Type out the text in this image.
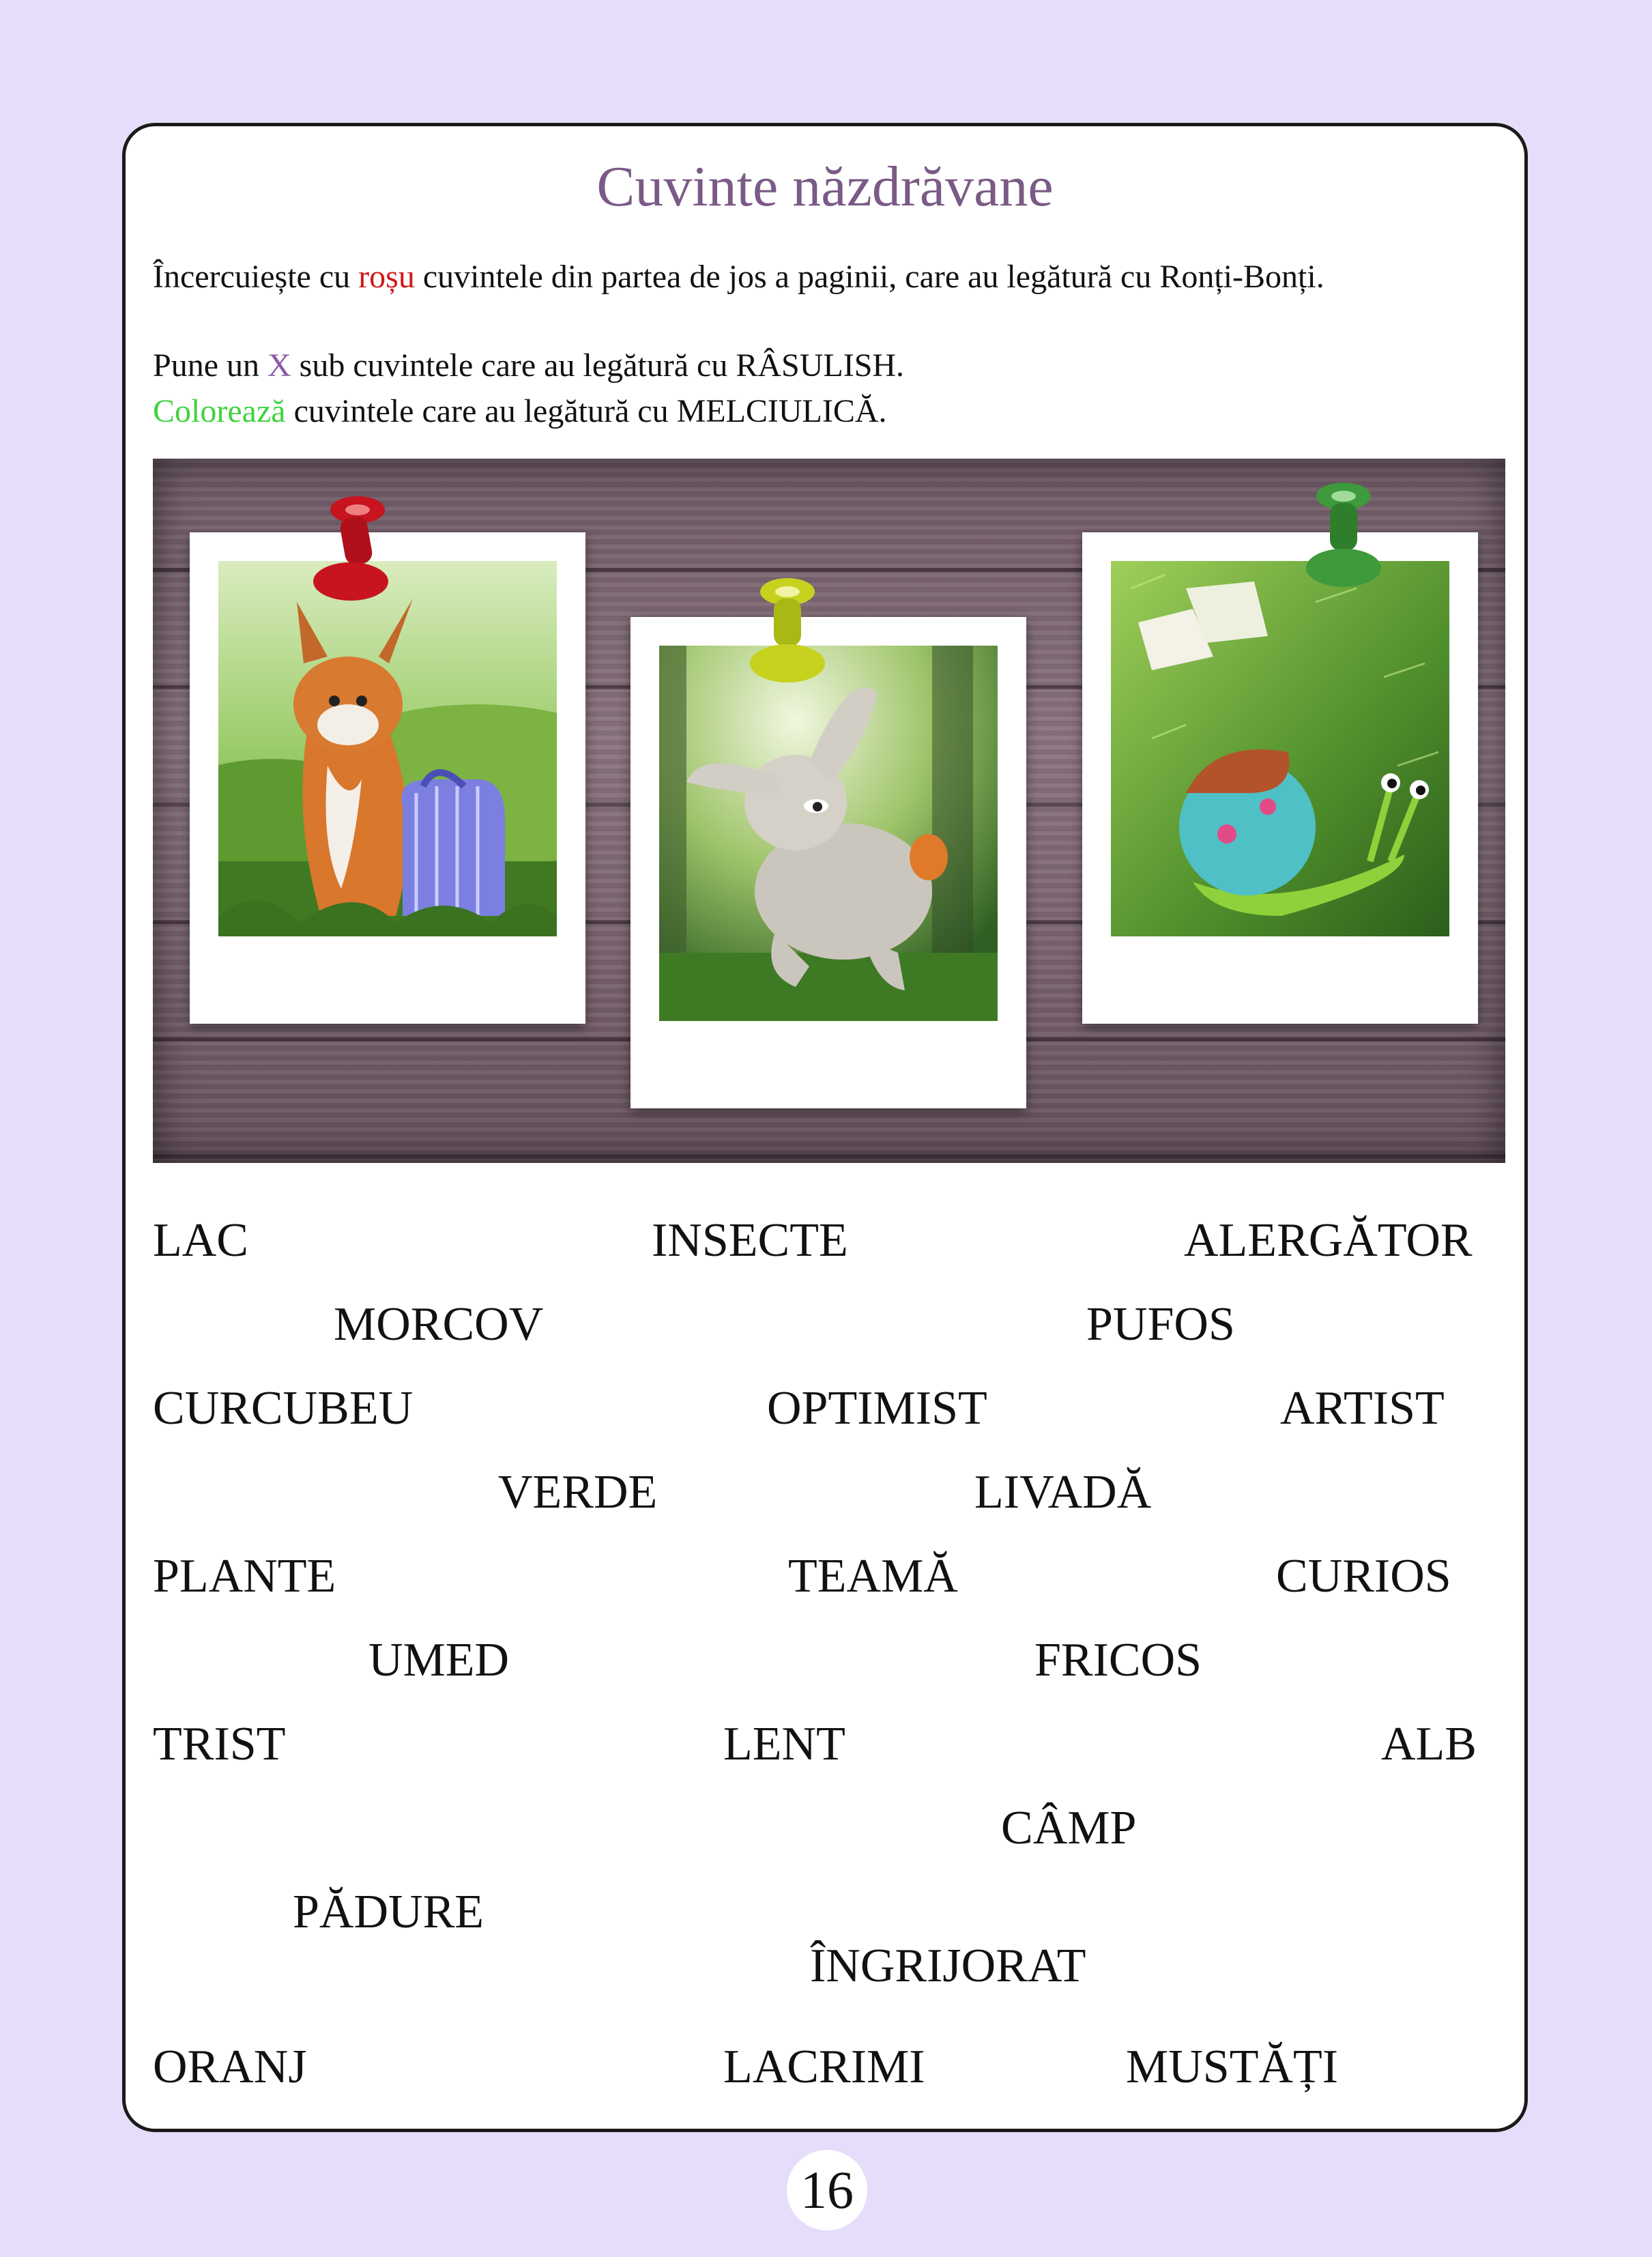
Cuvinte năzdrăvane
Încercuiește cu roșu cuvintele din partea de jos a paginii, care au legătură cu Ronți-Bonți.
Pune un X sub cuvintele care au legătură cu RÂSULISH.
Colorează cuvintele care au legătură cu MELCIULICĂ.
LAC	INSECTE	ALERGĂTOR
MORCOV	PUFOS
CURCUBEU	OPTIMIST	ARTIST
VERDE	LIVADĂ
PLANTE	TEAMĂ	CURIOS
UMED	FRICOS
TRIST	LENT	ALB
CÂMP
PĂDURE
ÎNGRIJORAT
ORANJ	LACRIMI	MUSTĂȚI
16
